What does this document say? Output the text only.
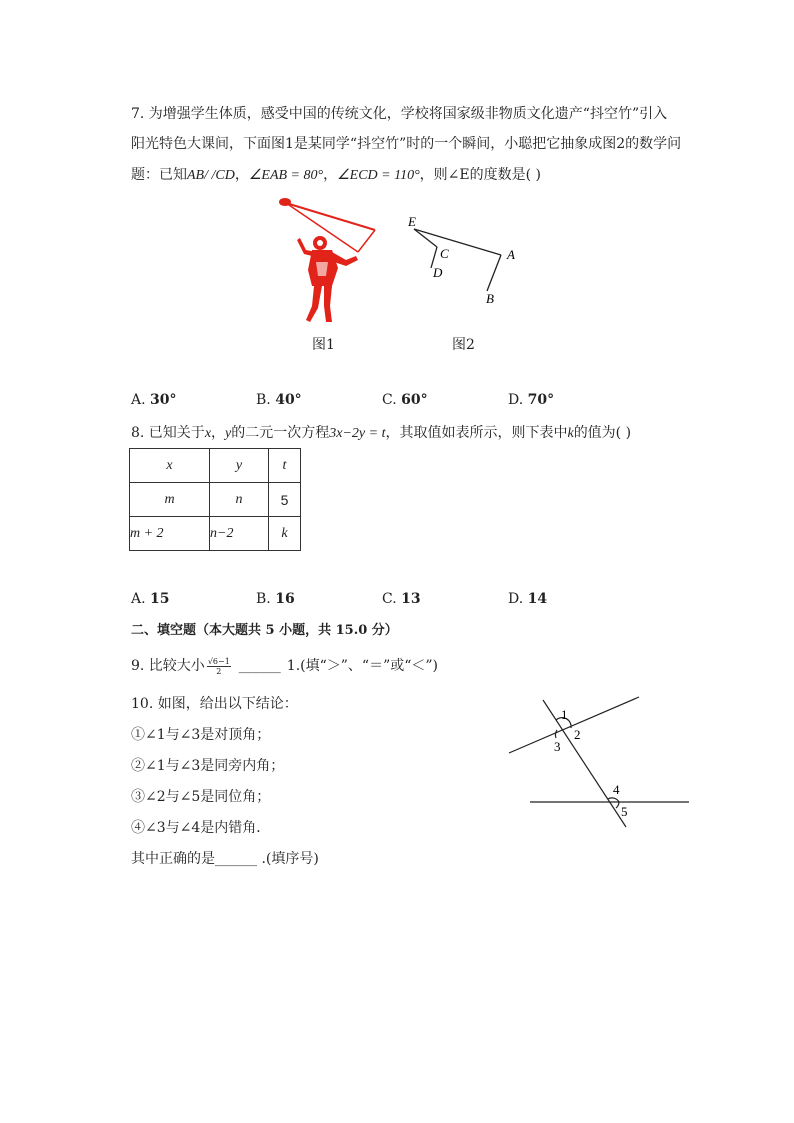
7. 为增强学生体质，感受中国的传统文化，学校将国家级非物质文化遗产“抖空竹”引入
阳光特色大课间，下面图1是某同学“抖空竹”时的一个瞬间，小聪把它抽象成图2的数学问
题：已知AB/ /CD，∠EAB = 80°，∠ECD = 110°，则∠E的度数是( )
E
C
D
A
B
图1	图2
A. 30°	B. 40°	C. 60°	D. 70°
8. 已知关于x，y的二元一次方程3x−2y = t，其取值如表所示，则下表中k的值为( )
x	y	t
m	n	5
m + 2	n−2	k
A. 15	B. 16	C. 13	D. 14
二、填空题（本大题共 5 小题，共 15.0 分）
9. 比较大小 $\frac{√6-1}{2}$ ______ 1.(填“＞”、“＝”或“＜”)
10. 如图，给出以下结论：
①∠1与∠3是对顶角；
②∠1与∠3是同旁内角；
③∠2与∠5是同位角；
④∠3与∠4是内错角．
其中正确的是______ .(填序号)
1
2
3
4
5
